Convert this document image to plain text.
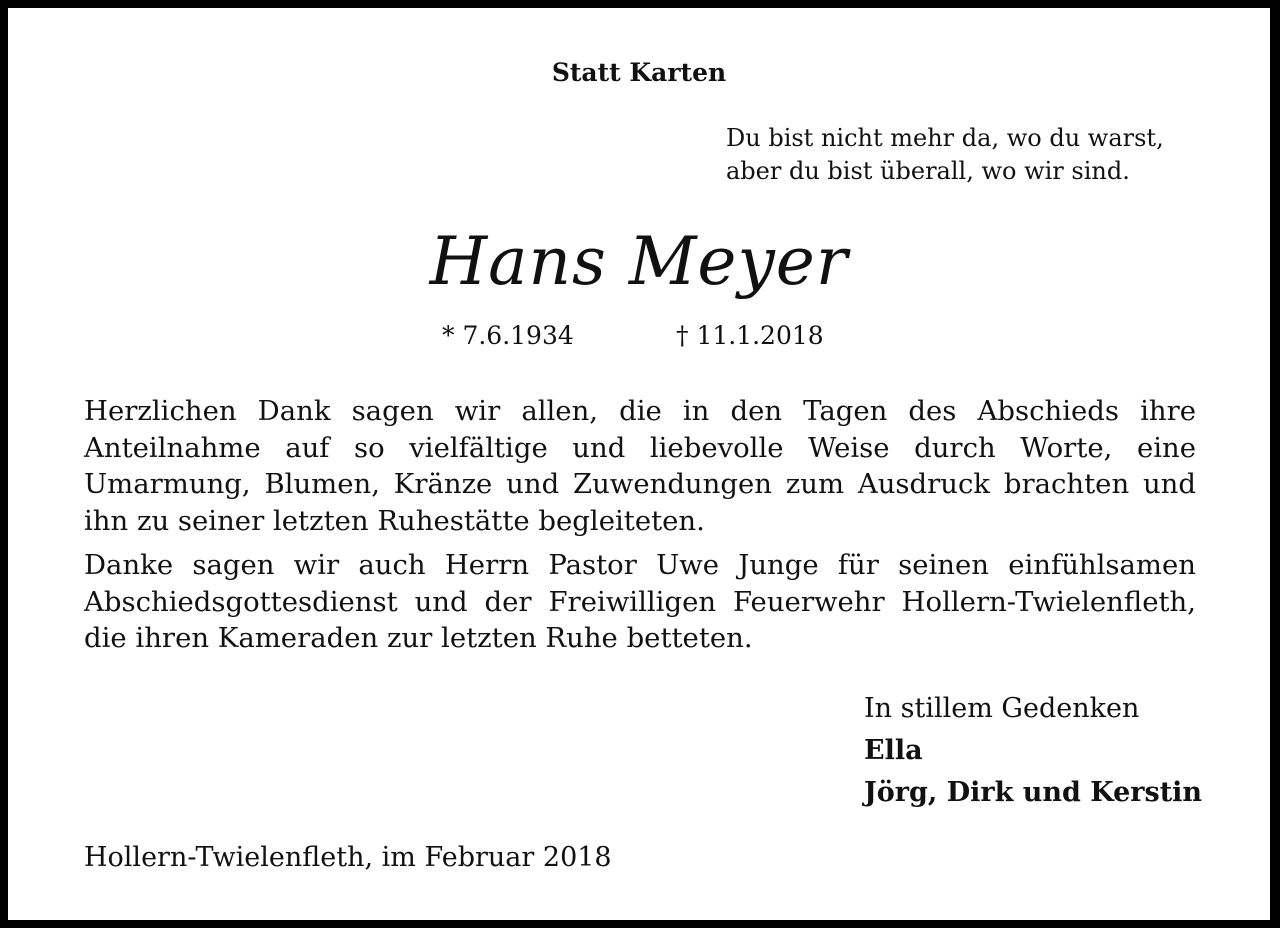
Statt Karten
Du bist nicht mehr da, wo du warst,
aber du bist überall, wo wir sind.
Hans Meyer
* 7.6.1934	† 11.1.2018

Herzlichen Dank sagen wir allen, die in den Tagen des Abschieds ihre Anteilnahme auf so vielfältige und liebevolle Weise durch Worte, eine Umarmung, Blumen, Kränze und Zuwendungen zum Ausdruck brachten und ihn zu seiner letzten Ruhestätte begleiteten.

Danke sagen wir auch Herrn Pastor Uwe Junge für seinen einfühlsamen Abschiedsgottesdienst und der Freiwilligen Feuerwehr Hollern-Twielenfleth, die ihren Kameraden zur letzten Ruhe betteten.

In stillem Gedenken
Ella
Jörg, Dirk und Kerstin
Hollern-Twielenfleth, im Februar 2018
